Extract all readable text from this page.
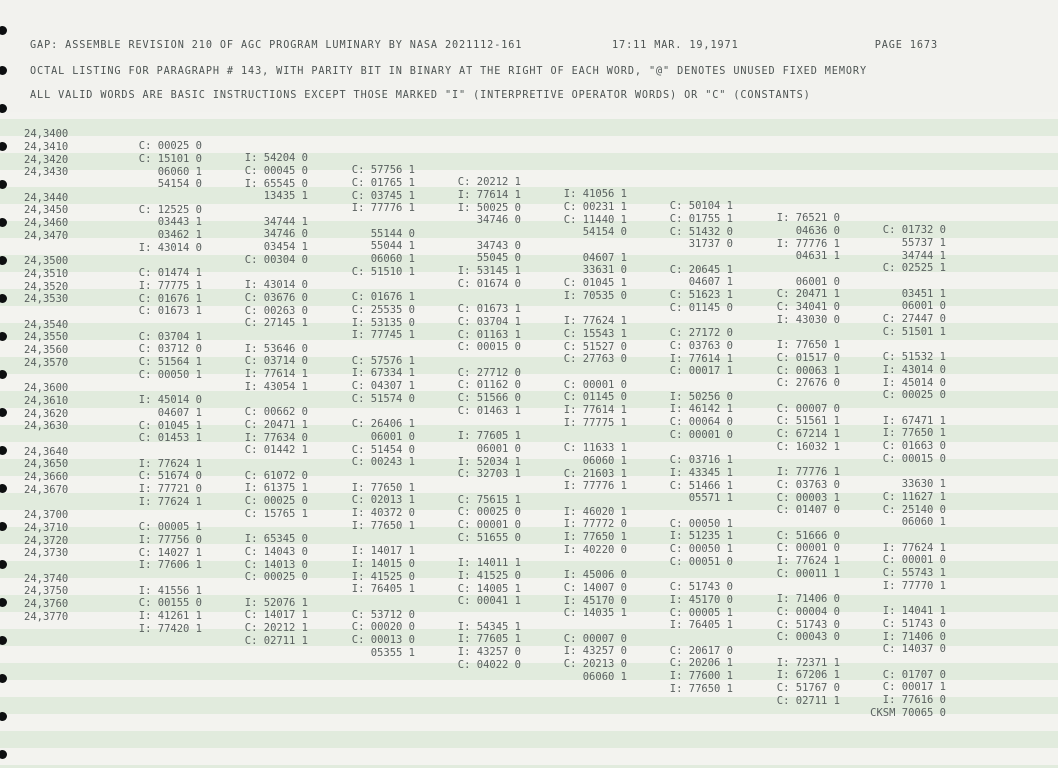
GAP: ASSEMBLE REVISION 210 OF AGC PROGRAM LUMINARY BY NASA 2021112-161	17:11 MAR. 19,1971	PAGE 1673
OCTAL LISTING FOR PARAGRAPH # 143, WITH PARITY BIT IN BINARY AT THE RIGHT OF EACH WORD, "@" DENOTES UNUSED FIXED MEMORY
ALL VALID WORDS ARE BASIC INSTRUCTIONS EXCEPT THOSE MARKED "I" (INTERPRETIVE OPERATOR WORDS) OR "C" (CONSTANTS)

24,3400

C: 00025 0

I: 54204 0

C: 57756 1

C: 20212 1

I: 41056 1

C: 50104 1

I: 76521 0

C: 01732 0

24,3410

C: 15101 0

C: 00045 0

C: 01765 1

I: 77614 1

C: 00231 1

C: 01755 1

04636 0

55737 1

24,3420

06060 1

I: 65545 0

C: 03745 1

I: 50025 0

C: 11440 1

C: 51432 0

I: 77776 1

34744 1

24,3430

54154 0

13435 1

I: 77776 1

34746 0

54154 0

31737 0

04631 1

C: 02525 1

24,3440

C: 12525 0

34744 1

55144 0

34743 0

04607 1

C: 20645 1

06001 0

03451 1

24,3450

03443 1

34746 0

55044 1

55045 0

33631 0

04607 1

C: 20471 1

06001 0

24,3460

03462 1

03454 1

06060 1

I: 53145 1

C: 01045 1

C: 51623 1

C: 34041 0

C: 27447 0

24,3470

I: 43014 0

C: 00304 0

C: 51510 1

C: 01674 0

I: 70535 0

C: 01145 0

I: 43030 0

C: 51501 1

24,3500

C: 01474 1

I: 43014 0

C: 01676 1

C: 01673 1

I: 77624 1

C: 27172 0

I: 77650 1

C: 51532 1

24,3510

I: 77775 1

C: 03676 0

C: 25535 0

C: 03704 1

C: 15543 1

C: 03763 0

C: 01517 0

I: 43014 0

24,3520

C: 01676 1

C: 00263 0

I: 53135 0

C: 01163 1

C: 51527 0

I: 77614 1

C: 00063 1

I: 45014 0

24,3530

C: 01673 1

C: 27145 1

I: 77745 1

C: 00015 0

C: 27763 0

C: 00017 1

C: 27676 0

C: 00025 0

24,3540

C: 03704 1

I: 53646 0

C: 57576 1

C: 27712 0

C: 00001 0

I: 50256 0

C: 00007 0

I: 67471 1

24,3550

C: 03712 0

C: 03714 0

I: 67334 1

C: 01162 0

C: 01145 0

I: 46142 1

C: 51561 1

I: 77650 1

24,3560

C: 51564 1

I: 77614 1

C: 04307 1

C: 51566 0

I: 77614 1

C: 00064 0

C: 67214 1

C: 01663 0

24,3570

C: 00050 1

I: 43054 1

C: 51574 0

C: 01463 1

I: 77775 1

C: 00001 0

C: 16032 1

C: 00015 0

24,3600

I: 45014 0

C: 00662 0

C: 26406 1

I: 77605 1

C: 11633 1

C: 03716 1

I: 77776 1

33630 1

24,3610

04607 1

C: 20471 1

06001 0

06001 0

06060 1

I: 43345 1

C: 03763 0

C: 11627 1

24,3620

C: 01045 1

I: 77634 0

C: 51454 0

I: 52034 1

C: 21603 1

C: 51466 1

C: 00003 1

C: 25140 0

24,3630

C: 01453 1

C: 01442 1

C: 00243 1

C: 32703 1

I: 77776 1

05571 1

C: 01407 0

06060 1

24,3640

I: 77624 1

C: 61072 0

I: 77650 1

C: 75615 1

I: 46020 1

C: 00050 1

C: 51666 0

I: 77624 1

24,3650

C: 51674 0

I: 61375 1

C: 02013 1

C: 00025 0

I: 77772 0

I: 51235 1

C: 00001 0

C: 00001 0

24,3660

I: 77721 0

C: 00025 0

I: 40372 0

C: 00001 0

I: 77650 1

C: 00050 1

I: 77624 1

C: 55743 1

24,3670

I: 77624 1

C: 15765 1

I: 77650 1

C: 51655 0

I: 40220 0

C: 00051 0

C: 00011 1

I: 77770 1

24,3700

C: 00005 1

I: 65345 0

I: 14017 1

I: 14011 1

I: 45006 0

C: 51743 0

I: 71406 0

I: 14041 1

24,3710

I: 77756 0

C: 14043 0

I: 14015 0

I: 41525 0

C: 14007 0

I: 45170 0

C: 00004 0

C: 51743 0

24,3720

C: 14027 1

C: 14013 0

I: 41525 0

C: 14005 1

I: 45170 0

C: 00005 1

C: 51743 0

I: 71406 0

24,3730

I: 77606 1

C: 00025 0

I: 76405 1

C: 00041 1

C: 14035 1

I: 76405 1

C: 00043 0

C: 14037 0

24,3740

I: 41556 1

I: 52076 1

C: 53712 0

I: 54345 1

C: 00007 0

C: 20617 0

I: 72371 1

C: 01707 0

24,3750

C: 00155 0

C: 14017 1

C: 00020 0

I: 77605 1

I: 43257 0

C: 20206 1

I: 67206 1

C: 00017 1

24,3760

I: 41261 1

C: 20212 1

C: 00013 0

I: 43257 0

C: 20213 0

I: 77600 1

C: 51767 0

I: 77616 0

24,3770

I: 77420 1

C: 02711 1

05355 1

C: 04022 0

06060 1

I: 77650 1

C: 02711 1

CKSM 70065 0
